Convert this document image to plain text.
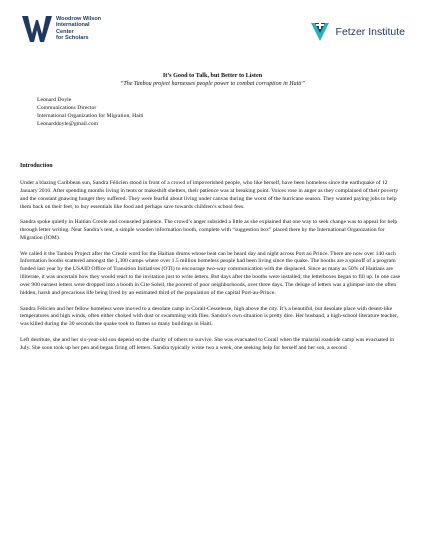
Woodrow Wilson
International
Center
for Scholars
Fetzer Institute
It’s Good to Talk, but Better to Listen
“The Tanbou project harnesses people power to combat corruption in Haiti”
Leonard Doyle
Communications Director
International Organization for Migration, Haiti
Leonarddoyle@gmail.com
Introduction

Under a blazing Caribbean sun, Sandra Félicien stood in front of a crowd of impoverished people, who like herself, have been homeless since the earthquake of 12 January 2010. After spending months living in tents or makeshift shelters, their patience was at breaking point. Voices rose in anger as they complained of their poverty and the constant gnawing hunger they suffered. They were fearful about living under canvas during the worst of the hurricane season. They wanted paying jobs to help them back on their feet, to buy essentials like food and perhaps save towards children’s school fees.

Sandra spoke quietly in Haitian Creole and counseled patience. The crowd’s anger subsided a little as she explained that one way to seek change was to appeal for help through letter writing. Near Sandra’s tent, a simple wooden information booth, complete with “suggestion box” placed there by the International Organization for Migration (IOM).

We called it the Tanbou Project after the Creole word for the Haitian drums whose beat can be heard day and night across Port au Prince. There are now over 140 such Information booths scattered amongst the 1,300 camps where over 1.5 million homeless people had been living since the quake. The booths are a spinoff of a program funded last year by the USAID Office of Transition Initiatives (OTI) to encourage two-way communication with the displaced. Since as many as 50% of Haitians are illiterate, it was uncertain how they would react to the invitation just to write letters. But days after the booths were installed; the letterboxes began to fill up. In one case over 900 earnest letters were dropped into a booth in Cite Soleil, the poorest of poor neighborhoods, over three days. The deluge of letters was a glimpse into the often hidden, harsh and precarious life being lived by an estimated third of the population of the capital Port-au-Prince.

Sandra Félicien and her fellow homeless were moved to a desolate camp in Corail-Cesselesse, high above the city. It’s a beautiful, but desolate place with desert-like temperatures and high winds, often either choked with dust or swamming with flies. Sandra’s own situation is pretty dire. Her husband, a high-school literature teacher, was killed during the 30 seconds the quake took to flatten so many buildings in Haiti.

Left destitute, she and her six-year-old son depend on the charity of others to survive. She was evacuated to Corail when the malarial roadside camp was evacuated in July. She soon took up her pen and began firing off letters. Sandra typically wrote two a week, one seeking help for herself and her son, a second
